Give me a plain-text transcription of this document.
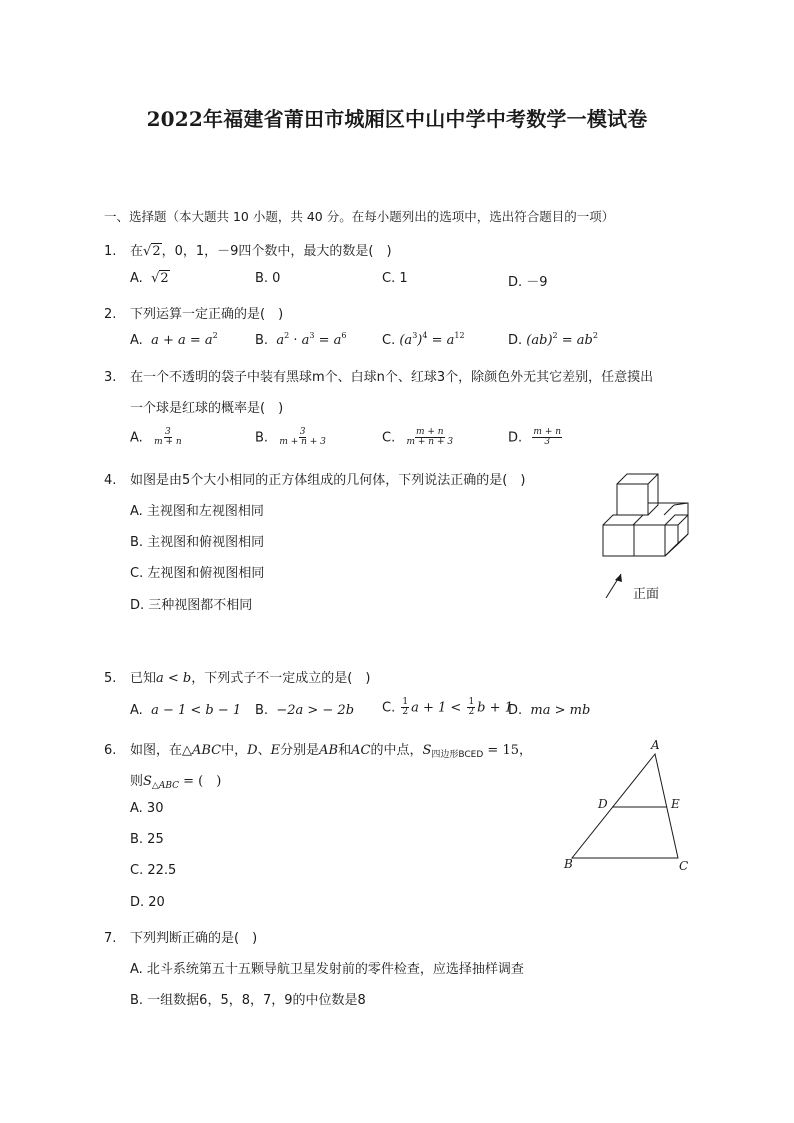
2022年福建省莆田市城厢区中山中学中考数学一模试卷
一、选择题（本大题共 10 小题，共 40 分。在每小题列出的选项中，选出符合题目的一项）
1. 在√2，0，1，－9四个数中，最大的数是(　)
A. √2	B. 0	C. 1	D. －9
2. 下列运算一定正确的是(　)
A. $a + a = a^2$	B. $a^2 \cdot a^3 = a^6$	C. $(a^3)^4 = a^{12}$	D. $(ab)^2 = ab^2$
3. 在一个不透明的袋子中装有黑球m个、白球n个、红球3个，除颜色外无其它差别，任意摸出
一个球是红球的概率是(　)
A. $\frac{3}{m + n}$	B. $\frac{3}{m + n + 3}$	C. $\frac{m + n}{m + n + 3}$	D. $\frac{m + n}{3}$
4. 如图是由5个大小相同的正方体组成的几何体，下列说法正确的是(　)
A. 主视图和左视图相同
B. 主视图和俯视图相同
C. 左视图和俯视图相同
D. 三种视图都不相同
正面
5. 已知a < b，下列式子不一定成立的是(　)
A. a − 1 < b − 1 B. −2a > − 2b C. $\frac{1}{2}$ $a + 1 < \frac{1}{2}$ b + 1
D. ma > mb
6. 如图，在△ABC中，D、E分别是AB和AC的中点，$S_{四边形BCED} = 15$，
则$S_{\triangle ABC}$ = (　)
A. 30
B. 25
C. 22.5
D. 20
A
D	E
B	C
7. 下列判断正确的是(　)
A. 北斗系统第五十五颗导航卫星发射前的零件检查，应选择抽样调查
B. 一组数据6，5，8，7，9的中位数是8
